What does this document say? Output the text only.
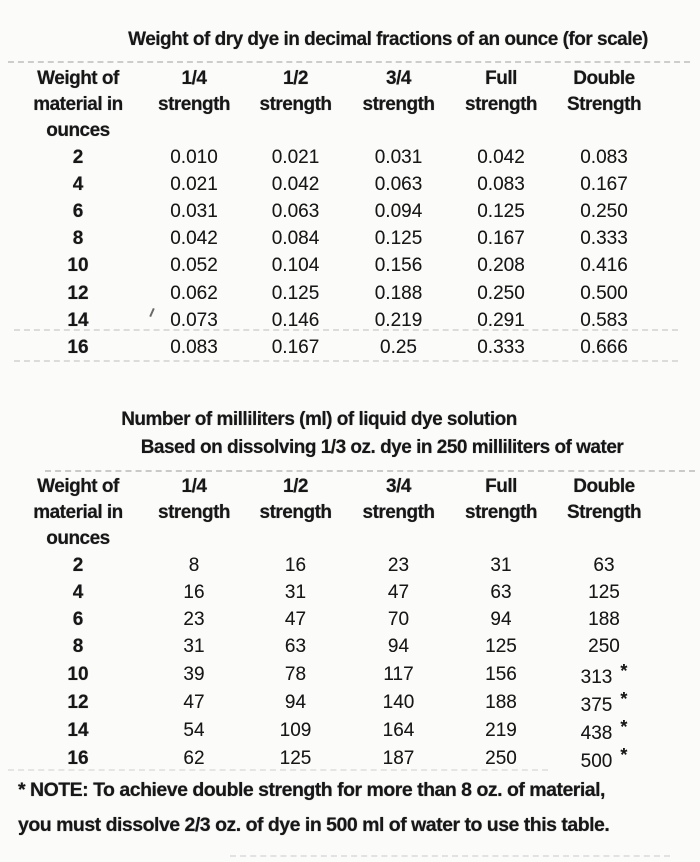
Weight of dry dye in decimal fractions of an ounce (for scale)
Weight of
material in
ounces

1/4
strength

1/2
strength

3/4
strength

Full
strength

Double
Strength

2	0.010	0.021	0.031	0.042	0.083
4	0.021	0.042	0.063	0.083	0.167
6	0.031	0.063	0.094	0.125	0.250
8	0.042	0.084	0.125	0.167	0.333
10	0.052	0.104	0.156	0.208	0.416
12	0.062	0.125	0.188	0.250	0.500
14	0.073	0.146	0.219	0.291	0.583
16	0.083	0.167	0.25	0.333	0.666
Number of milliliters (ml) of liquid dye solution
Based on dissolving 1/3 oz. dye in 250 milliliters of water
Weight of
material in
ounces

1/4
strength

1/2
strength

3/4
strength

Full
strength

Double
Strength

2	8	16	23	31	63
4	16	31	47	63	125
6	23	47	70	94	188
8	31	63	94	125	250
10	39	78	117	156	313 *
12	47	94	140	188	375 *
14	54	109	164	219	438 *
16	62	125	187	250	500 *
* NOTE: To achieve double strength for more than 8 oz. of material,
you must dissolve 2/3 oz. of dye in 500 ml of water to use this table.
